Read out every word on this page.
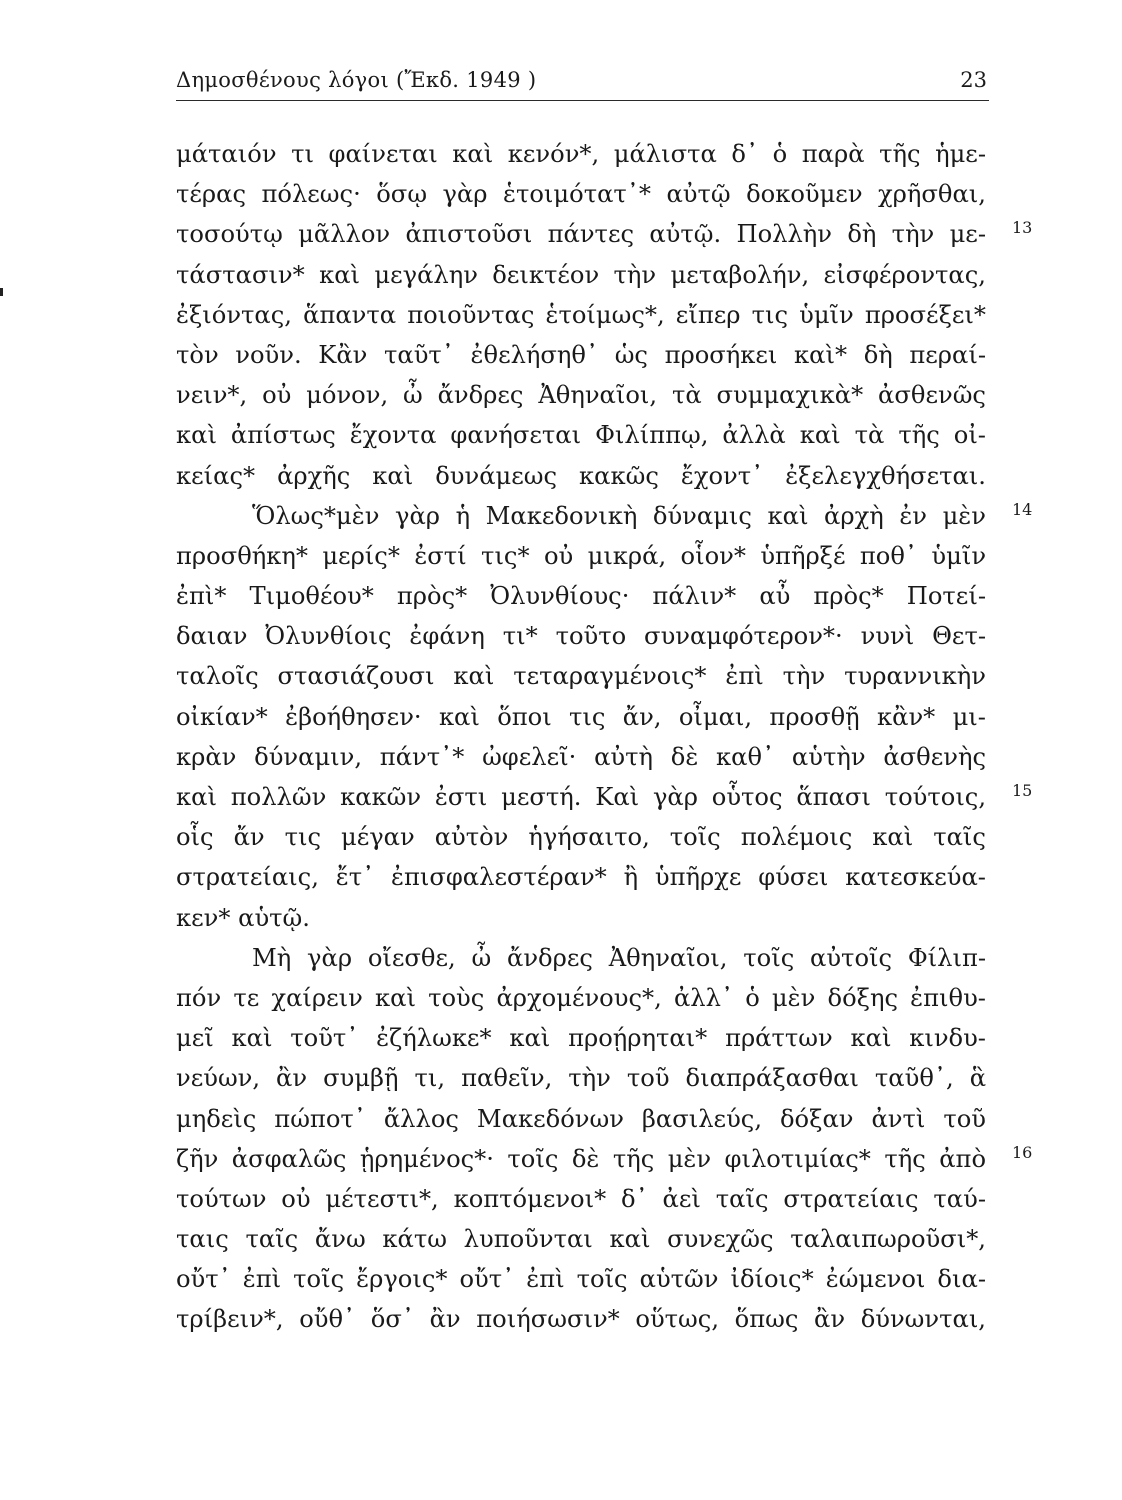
Δημοσθένους λόγοι (Ἔκδ. 1949 )	23
μάταιόν τι φαίνεται καὶ κενόν*, μάλιστα δ᾽ ὁ παρὰ τῆς ἡμε-
τέρας πόλεως· ὅσῳ γὰρ ἑτοιμότατ᾽* αὐτῷ δοκοῦμεν χρῆσθαι,
τοσούτῳ μᾶλλον ἀπιστοῦσι πάντες αὐτῷ. Πολλὴν δὴ τὴν με- 13
τάστασιν* καὶ μεγάλην δεικτέον τὴν μεταβολήν, εἰσφέροντας,
ἐξιόντας, ἅπαντα ποιοῦντας ἑτοίμως*, εἴπερ τις ὑμῖν προσέξει*
τὸν νοῦν. Κἂν ταῦτ᾽ ἐθελήσηθ᾽ ὡς προσήκει καὶ* δὴ περαί-
νειν*, οὐ μόνον, ὦ ἄνδρες Ἀθηναῖοι, τὰ συμμαχικὰ* ἀσθενῶς
καὶ ἀπίστως ἔχοντα φανήσεται Φιλίππῳ, ἀλλὰ καὶ τὰ τῆς οἰ-
κείας* ἀρχῆς καὶ δυνάμεως κακῶς ἔχοντ᾽ ἐξελεγχθήσεται.
Ὅλως*μὲν γὰρ ἡ Μακεδονικὴ δύναμις καὶ ἀρχὴ ἐν μὲν 14
προσθήκη* μερίς* ἐστί τις* οὐ μικρά, οἷον* ὑπῆρξέ ποθ᾽ ὑμῖν
ἐπὶ* Τιμοθέου* πρὸς* Ὀλυνθίους· πάλιν* αὖ πρὸς* Ποτεί-
δαιαν Ὀλυνθίοις ἐφάνη τι* τοῦτο συναμφότερον*· νυνὶ Θετ-
ταλοῖς στασιάζουσι καὶ τεταραγμένοις* ἐπὶ τὴν τυραννικὴν
οἰκίαν* ἐβοήθησεν· καὶ ὅποι τις ἄν, οἶμαι, προσθῇ κἂν* μι-
κρὰν δύναμιν, πάντ᾽* ὠφελεῖ· αὐτὴ δὲ καθ᾽ αὑτὴν ἀσθενὴς
καὶ πολλῶν κακῶν ἐστι μεστή. Καὶ γὰρ οὗτος ἅπασι τούτοις, 15
οἷς ἄν τις μέγαν αὐτὸν ἡγήσαιτο, τοῖς πολέμοις καὶ ταῖς
στρατείαις, ἔτ᾽ ἐπισφαλεστέραν* ἢ ὑπῆρχε φύσει κατεσκεύα-
κεν* αὑτῷ.
Μὴ γὰρ οἴεσθε, ὦ ἄνδρες Ἀθηναῖοι, τοῖς αὐτοῖς Φίλιπ-
πόν τε χαίρειν καὶ τοὺς ἀρχομένους*, ἀλλ᾽ ὁ μὲν δόξης ἐπιθυ-
μεῖ καὶ τοῦτ᾽ ἐζήλωκε* καὶ προῄρηται* πράττων καὶ κινδυ-
νεύων, ἂν συμβῇ τι, παθεῖν, τὴν τοῦ διαπράξασθαι ταῦθ᾽, ἃ
μηδεὶς πώποτ᾽ ἄλλος Μακεδόνων βασιλεύς, δόξαν ἀντὶ τοῦ
ζῆν ἀσφαλῶς ᾑρημένος*· τοῖς δὲ τῆς μὲν φιλοτιμίας* τῆς ἀπὸ 16
τούτων οὐ μέτεστι*, κοπτόμενοι* δ᾽ ἀεὶ ταῖς στρατείαις ταύ-
ταις ταῖς ἄνω κάτω λυποῦνται καὶ συνεχῶς ταλαιπωροῦσι*,
οὔτ᾽ ἐπὶ τοῖς ἔργοις* οὔτ᾽ ἐπὶ τοῖς αὑτῶν ἰδίοις* ἐώμενοι δια-
τρίβειν*, οὔθ᾽ ὅσ᾽ ἂν ποιήσωσιν* οὕτως, ὅπως ἂν δύνωνται,
